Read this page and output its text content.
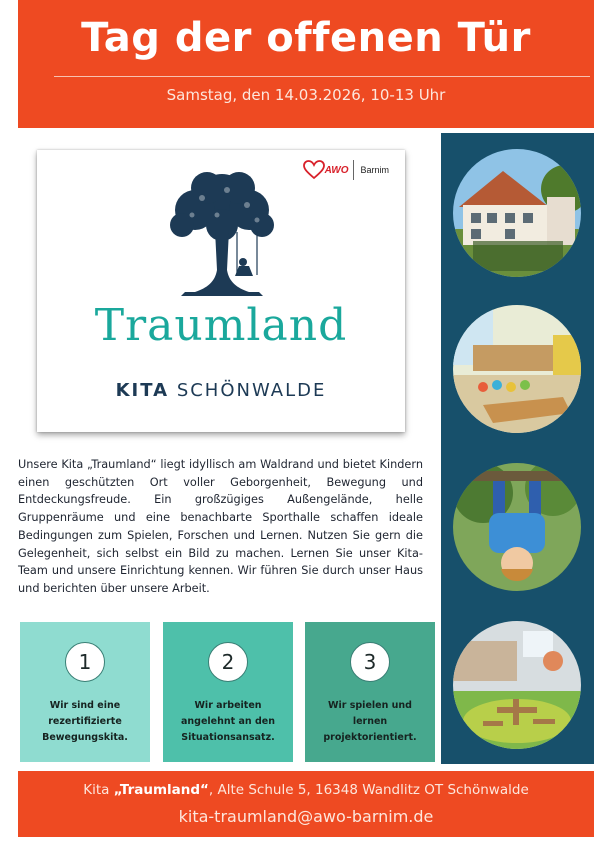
Tag der offenen Tür
Samstag, den 14.03.2026, 10-13 Uhr
AWO Barnim
Traumland
KITA SCHÖNWALDE
Unsere Kita „Traumland“ liegt idyllisch am Waldrand und bietet Kindern einen geschützten Ort voller Geborgenheit, Bewegung und Entdeckungsfreude. Ein großzügiges Außengelände, helle Gruppenräume und eine benachbarte Sporthalle schaffen ideale Bedingungen zum Spielen, Forschen und Lernen. Nutzen Sie gern die Gelegenheit, sich selbst ein Bild zu machen. Lernen Sie unser Kita-Team und unsere Einrichtung kennen. Wir führen Sie durch unser Haus und berichten über unsere Arbeit.
1
Wir sind eine rezertifizierte Bewegungskita.
2
Wir arbeiten angelehnt an den Situationsansatz.
3
Wir spielen und lernen projektorientiert.
Kita „Traumland“, Alte Schule 5, 16348 Wandlitz OT Schönwalde
kita-traumland@awo-barnim.de
